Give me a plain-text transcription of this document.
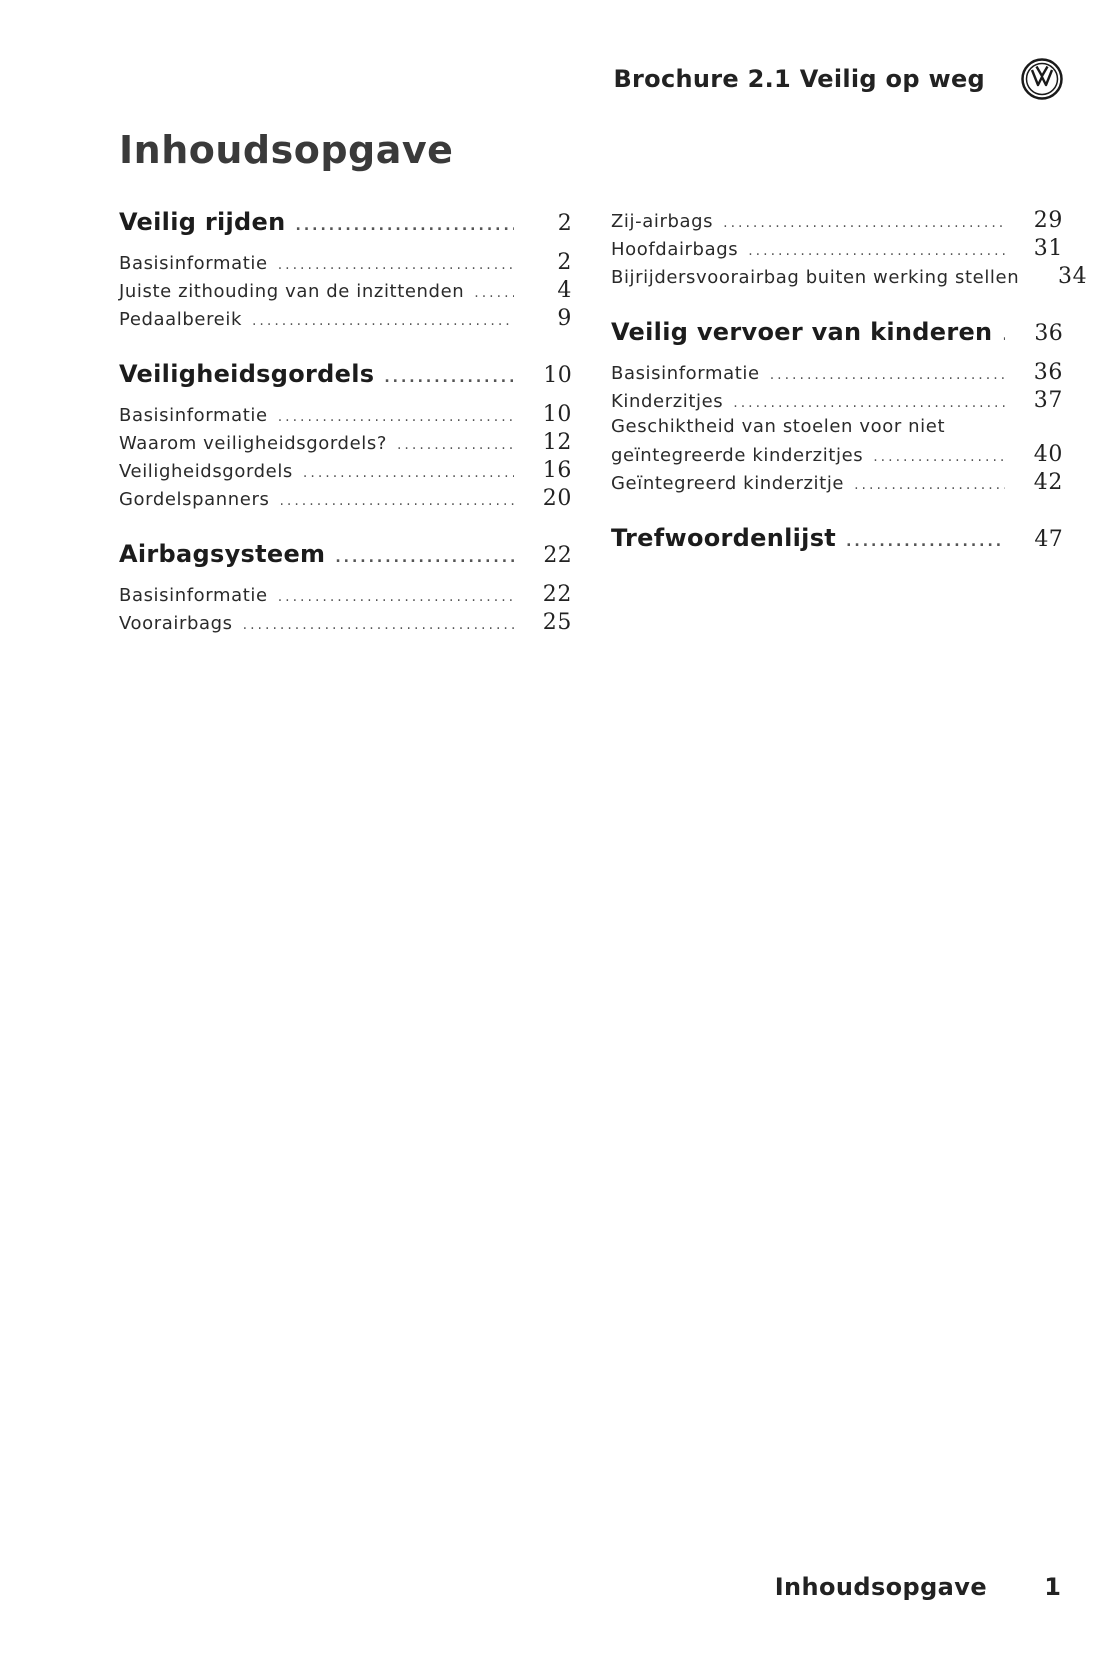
Brochure 2.1 Veilig op weg
Inhoudsopgave
Veilig rijden .....	2
Basisinformatie .....	2
Juiste zithouding van de inzittenden .....	4
Pedaalbereik .....	9
Veiligheidsgordels .....	10
Basisinformatie .....	10
Waarom veiligheidsgordels? .....	12
Veiligheidsgordels .....	16
Gordelspanners .....	20
Airbagsysteem .....	22
Basisinformatie .....	22
Voorairbags .....	25
Zij-airbags .....	29
Hoofdairbags .....	31
Bijrijdersvoorairbag buiten werking stellen	34
Veilig vervoer van kinderen .....	36
Basisinformatie .....	36
Kinderzitjes .....	37
Geschiktheid van stoelen voor niet
geïntegreerde kinderzitjes .....	40
Geïntegreerd kinderzitje .....	42
Trefwoordenlijst .....	47
Inhoudsopgave 1
